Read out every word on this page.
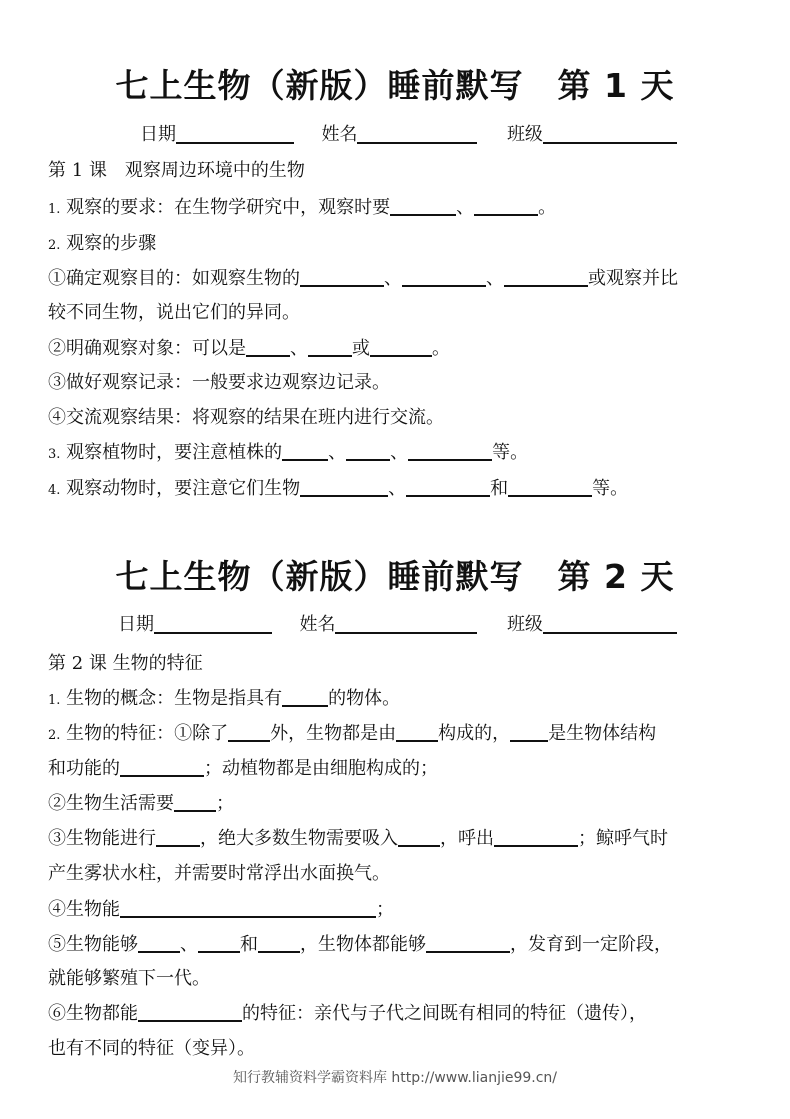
七上生物（新版）睡前默写　第 1 天
日期	姓名	班级
第 1 课　观察周边环境中的生物
1. 观察的要求：在生物学研究中，观察时要	、	。
2. 观察的步骤
①确定观察目的：如观察生物的	、	、	或观察并比
较不同生物，说出它们的异同。
②明确观察对象：可以是 、 或	。
③做好观察记录：一般要求边观察边记录。
④交流观察结果：将观察的结果在班内进行交流。
3. 观察植物时，要注意植株的	、 、	等。
4. 观察动物时，要注意它们生物	、	和	等。
七上生物（新版）睡前默写　第 2 天
日期	姓名	班级
第 2 课 生物的特征
1. 生物的概念：生物是指具有	的物体。
2. 生物的特征：①除了 外，生物都是由 构成的， 是生物体结构
和功能的	；动植物都是由细胞构成的；
②生物生活需要 ；
③生物能进行 ，绝大多数生物需要吸入 ，呼出	；鲸呼气时
产生雾状水柱，并需要时常浮出水面换气。
④生物能	；
⑤生物能够 、 和 ，生物体都能够	，发育到一定阶段，
就能够繁殖下一代。
⑥生物都能	的特征：亲代与子代之间既有相同的特征（遗传），
也有不同的特征（变异）。
知行教辅资料学霸资料库 http://www.lianjie99.cn/
